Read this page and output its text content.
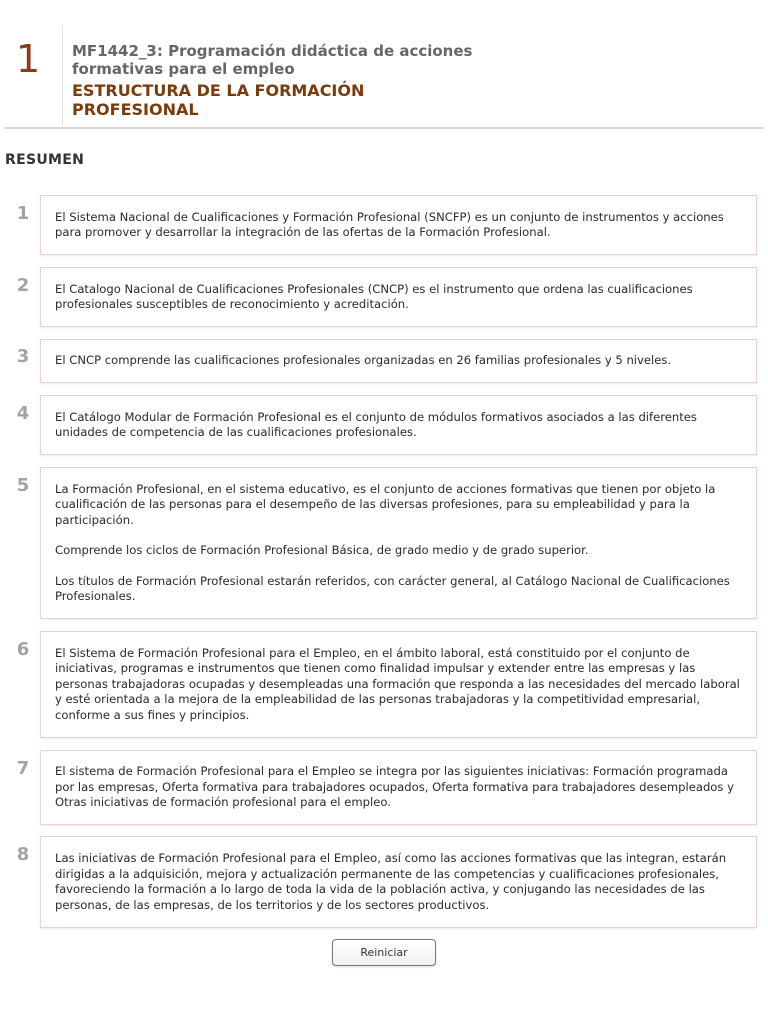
1	MF1442_3: Programación didáctica de acciones formativas para el empleo
ESTRUCTURA DE LA FORMACIÓN PROFESIONAL
RESUMEN
1	El Sistema Nacional de Cualificaciones y Formación Profesional (SNCFP) es un conjunto de instrumentos y acciones para promover y desarrollar la integración de las ofertas de la Formación Profesional.

2	El Catalogo Nacional de Cualificaciones Profesionales (CNCP) es el instrumento que ordena las cualificaciones profesionales susceptibles de reconocimiento y acreditación.

3	El CNCP comprende las cualificaciones profesionales organizadas en 26 familias profesionales y 5 niveles.

4	El Catálogo Modular de Formación Profesional es el conjunto de módulos formativos asociados a las diferentes unidades de competencia de las cualificaciones profesionales.

5	La Formación Profesional, en el sistema educativo, es el conjunto de acciones formativas que tienen por objeto la cualificación de las personas para el desempeño de las diversas profesiones, para su empleabilidad y para la participación.

Comprende los ciclos de Formación Profesional Básica, de grado medio y de grado superior.

Los títulos de Formación Profesional estarán referidos, con carácter general, al Catálogo Nacional de Cualificaciones Profesionales.

6	El Sistema de Formación Profesional para el Empleo, en el ámbito laboral, está constituido por el conjunto de iniciativas, programas e instrumentos que tienen como finalidad impulsar y extender entre las empresas y las personas trabajadoras ocupadas y desempleadas una formación que responda a las necesidades del mercado laboral y esté orientada a la mejora de la empleabilidad de las personas trabajadoras y la competitividad empresarial, conforme a sus fines y principios.

7	El sistema de Formación Profesional para el Empleo se integra por las siguientes iniciativas: Formación programada por las empresas, Oferta formativa para trabajadores ocupados, Oferta formativa para trabajadores desempleados y Otras iniciativas de formación profesional para el empleo.

8	Las iniciativas de Formación Profesional para el Empleo, así como las acciones formativas que las integran, estarán dirigidas a la adquisición, mejora y actualización permanente de las competencias y cualificaciones profesionales, favoreciendo la formación a lo largo de toda la vida de la población activa, y conjugando las necesidades de las personas, de las empresas, de los territorios y de los sectores productivos.

Reiniciar
